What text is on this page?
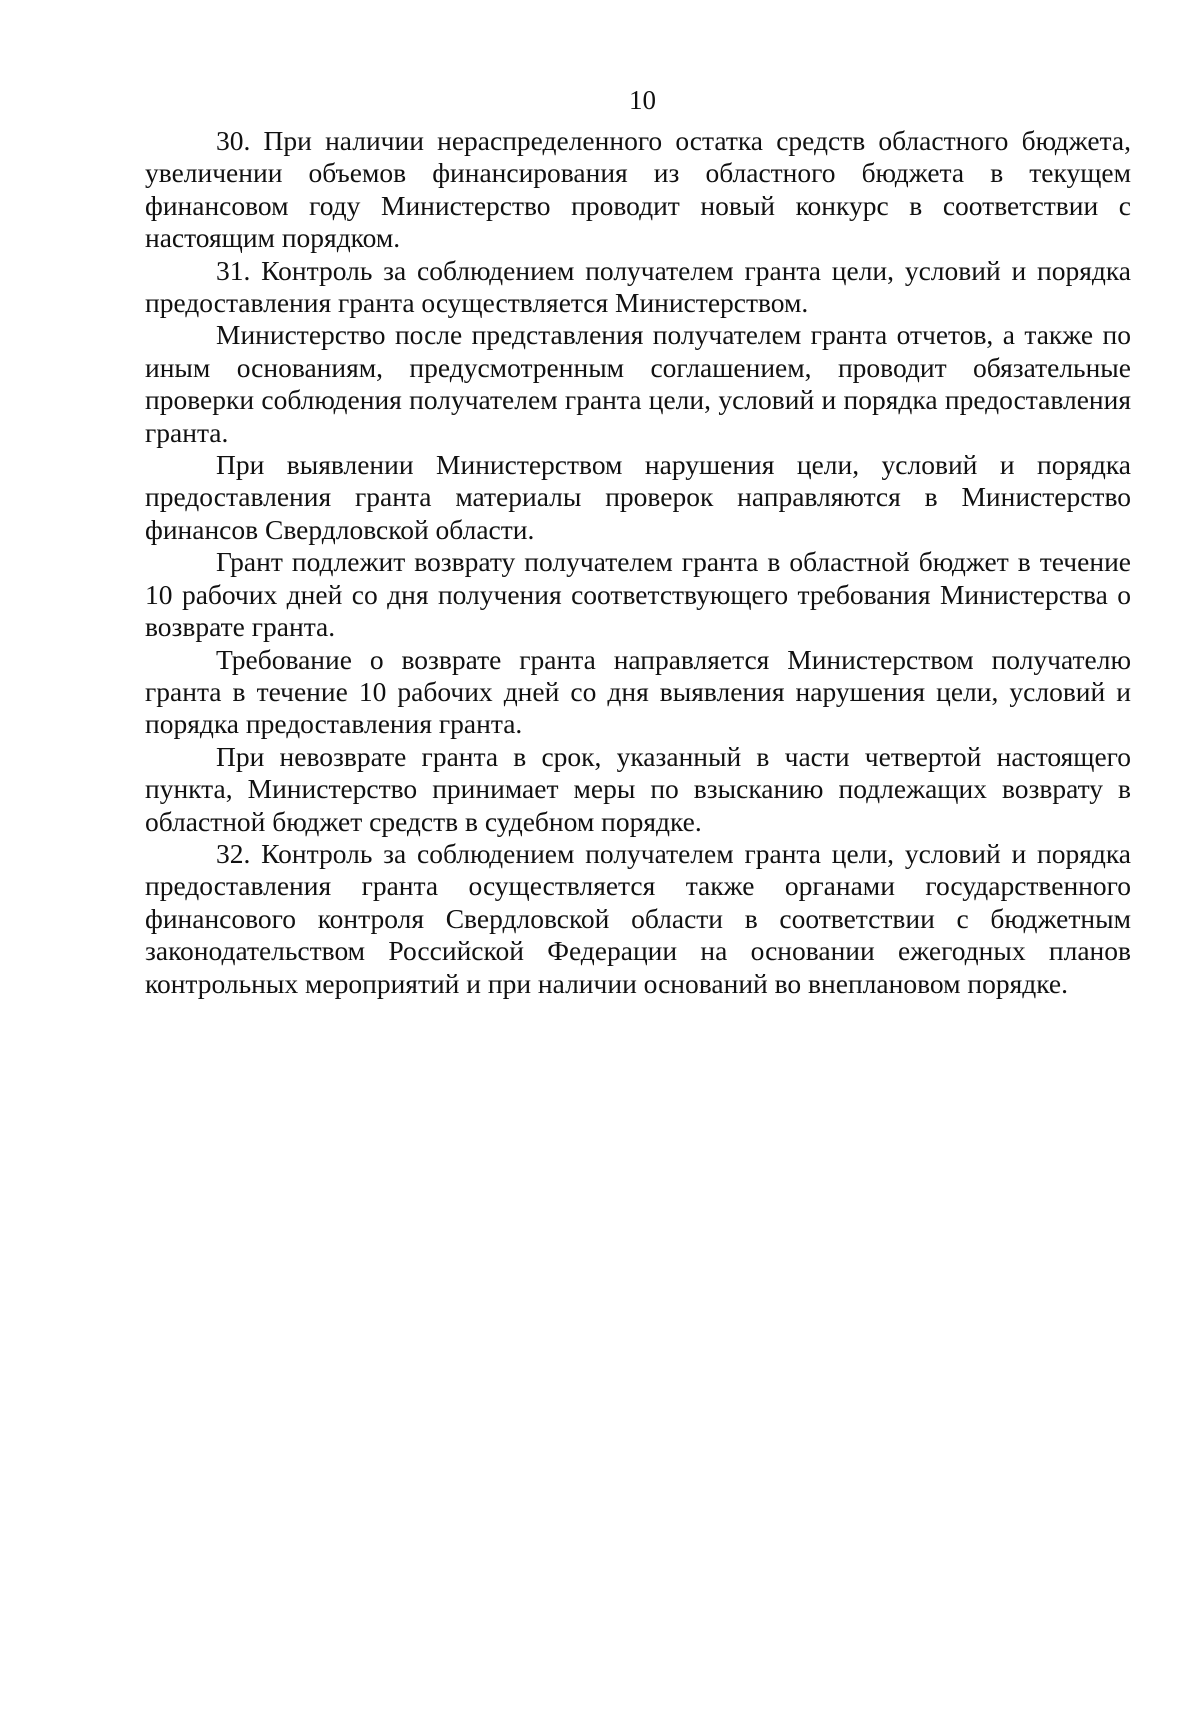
10

30. При наличии нераспределенного остатка средств областного бюджета, увеличении объемов финансирования из областного бюджета в текущем финансовом году Министерство проводит новый конкурс в соответствии с настоящим порядком.

31. Контроль за соблюдением получателем гранта цели, условий и порядка предоставления гранта осуществляется Министерством.

Министерство после представления получателем гранта отчетов, а также по иным основаниям, предусмотренным соглашением, проводит обязательные проверки соблюдения получателем гранта цели, условий и порядка предоставления гранта.

При выявлении Министерством нарушения цели, условий и порядка предоставления гранта материалы проверок направляются в Министерство финансов Свердловской области.

Грант подлежит возврату получателем гранта в областной бюджет в течение 10 рабочих дней со дня получения соответствующего требования Министерства о возврате гранта.

Требование о возврате гранта направляется Министерством получателю гранта в течение 10 рабочих дней со дня выявления нарушения цели, условий и порядка предоставления гранта.

При невозврате гранта в срок, указанный в части четвертой настоящего пункта, Министерство принимает меры по взысканию подлежащих возврату в областной бюджет средств в судебном порядке.

32. Контроль за соблюдением получателем гранта цели, условий и порядка предоставления гранта осуществляется также органами государственного финансового контроля Свердловской области в соответствии с бюджетным законодательством Российской Федерации на основании ежегодных планов контрольных мероприятий и при наличии оснований во внеплановом порядке.
